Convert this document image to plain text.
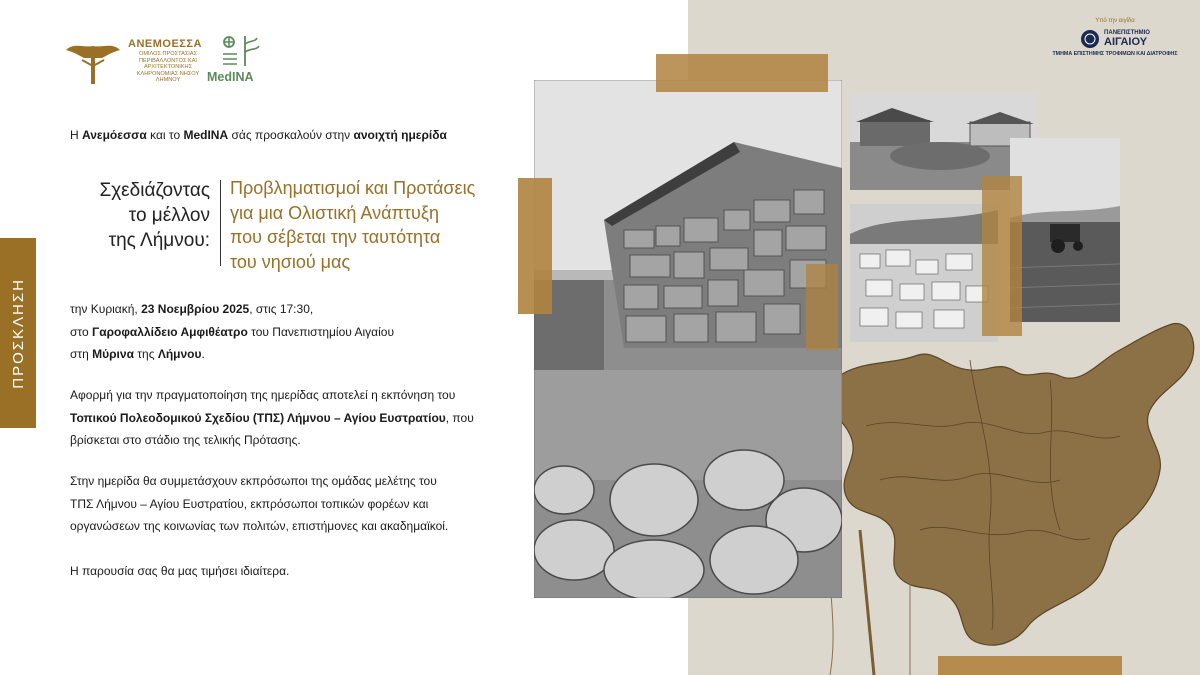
ΠΡΟΣΚΛΗΣΗ
ΑΝΕΜΟΕΣΣΑ
ΟΜΙΛΟΣ ΠΡΟΣΤΑΣΙΑΣ ΠΕΡΙΒΑΛΛΟΝΤΟΣ ΚΑΙ ΑΡΧΙΤΕΚΤΟΝΙΚΗΣ ΚΛΗΡΟΝΟΜΙΑΣ ΝΗΣΟΥ ΛΗΜΝΟΥ	MedINA
Υπό την αιγίδα
ΠΑΝΕΠΙΣΤΗΜΙΟ
ΑΙΓΑΙΟΥ
ΤΜΗΜΑ ΕΠΙΣΤΗΜΗΣ ΤΡΟΦΙΜΩΝ ΚΑΙ ΔΙΑΤΡΟΦΗΣ
Η Ανεμόεσσα και το MedINA σάς προσκαλούν στην ανοιχτή ημερίδα
Σχεδιάζοντας
το μέλλον
της Λήμνου:
Προβληματισμοί και Προτάσεις
για μια Ολιστική Ανάπτυξη
που σέβεται την ταυτότητα
του νησιού μας
την Κυριακή, 23 Νοεμβρίου 2025, στις 17:30,
στο Γαροφαλλίδειο Αμφιθέατρο του Πανεπιστημίου Αιγαίου
στη Μύρινα της Λήμνου.
Αφορμή για την πραγματοποίηση της ημερίδας αποτελεί η εκπόνηση του
Τοπικού Πολεοδομικού Σχεδίου (ΤΠΣ) Λήμνου – Αγίου Ευστρατίου, που
βρίσκεται στο στάδιο της τελικής Πρότασης.
Στην ημερίδα θα συμμετάσχουν εκπρόσωποι της ομάδας μελέτης του
ΤΠΣ Λήμνου – Αγίου Ευστρατίου, εκπρόσωποι τοπικών φορέων και
οργανώσεων της κοινωνίας των πολιτών, επιστήμονες και ακαδημαϊκοί.
Η παρουσία σας θα μας τιμήσει ιδιαίτερα.
